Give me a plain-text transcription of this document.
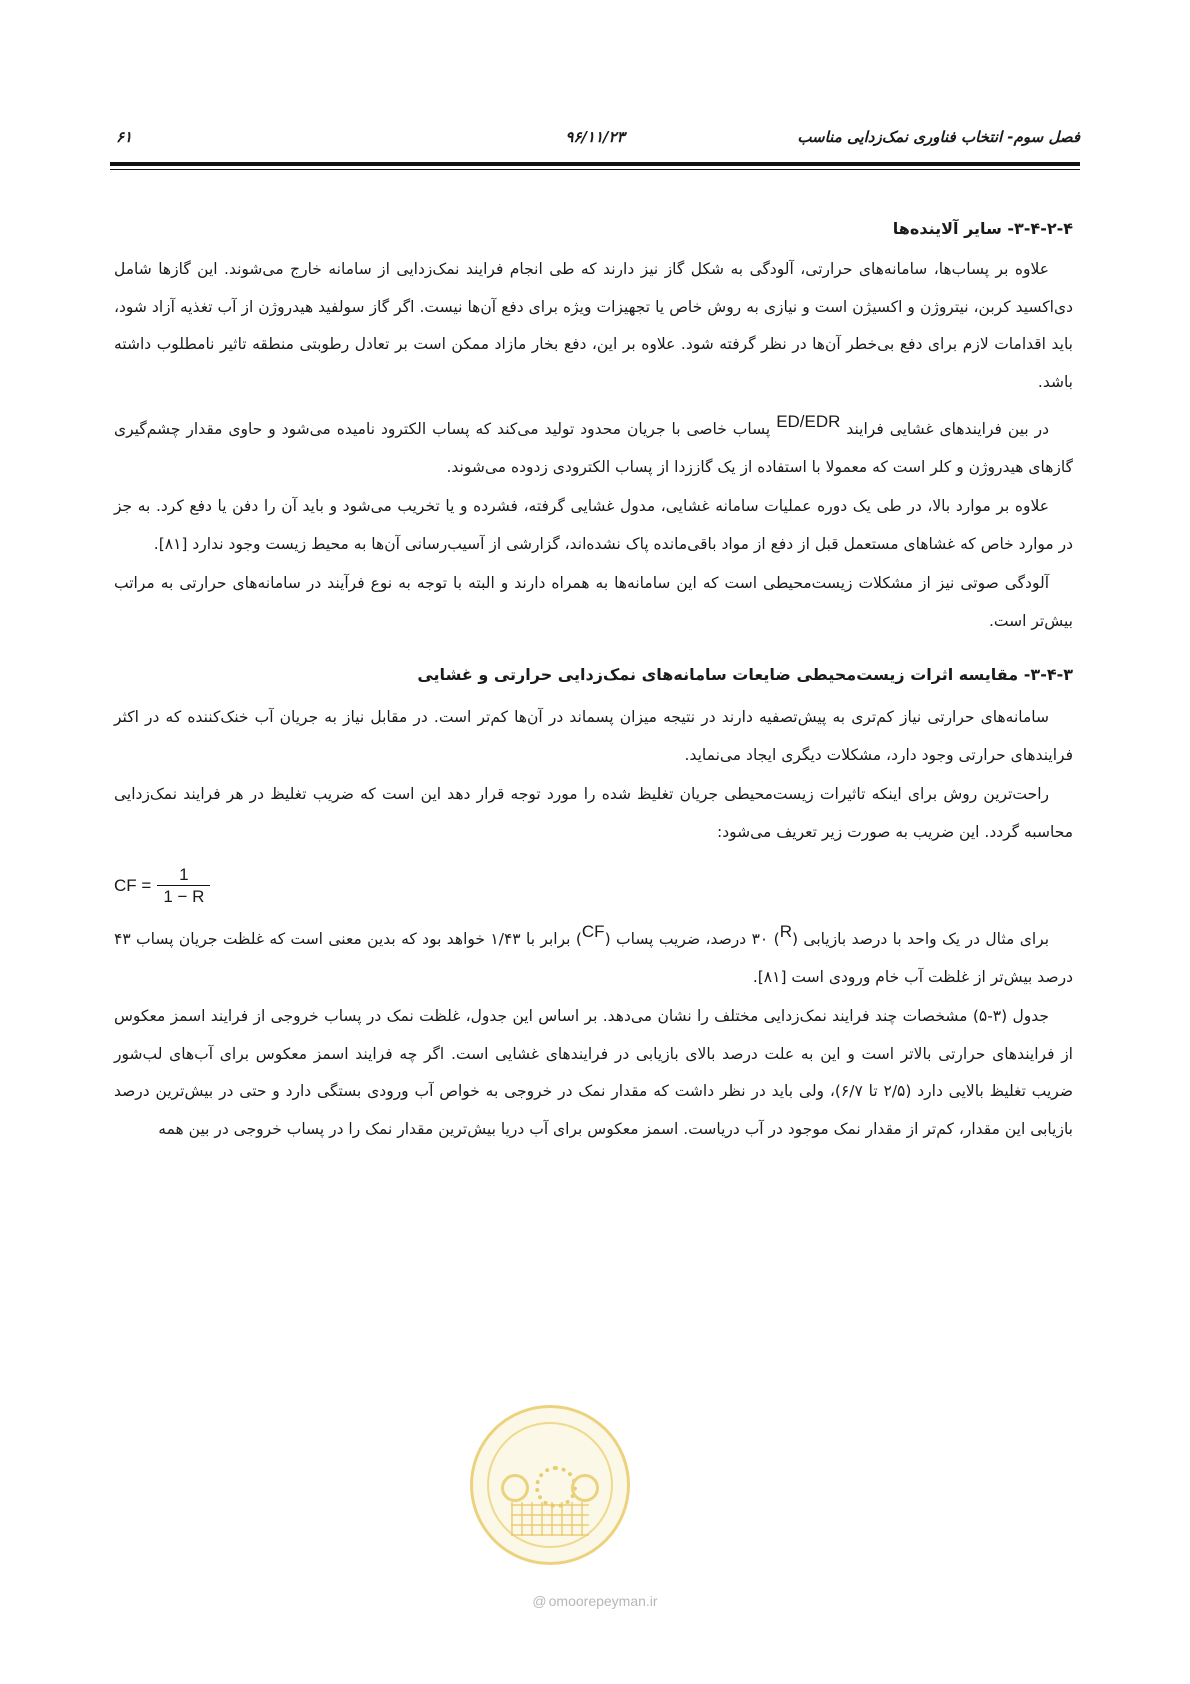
فصل سوم- انتخاب فناوری نمک‌زدایی مناسب
۹۶/۱۱/۲۳
۶۱
۳-۴-۲-۴- سایر آلاینده‌ها

علاوه بر پساب‌ها، سامانه‌های حرارتی، آلودگی به شکل گاز نیز دارند که طی انجام فرایند نمک‌زدایی از سامانه خارج می‌شوند. این گازها شامل دی‌اکسید کربن، نیتروژن و اکسیژن است و نیازی به روش خاص یا تجهیزات ویژه برای دفع آن‌ها نیست. اگر گاز سولفید هیدروژن از آب تغذیه آزاد شود، باید اقدامات لازم برای دفع بی‌خطر آن‌ها در نظر گرفته شود. علاوه بر این، دفع بخار مازاد ممکن است بر تعادل رطوبتی منطقه تاثیر نامطلوب داشته باشد.

در بین فرایندهای غشایی فرایند ED/EDR پساب خاصی با جریان محدود تولید می‌کند که پساب الکترود نامیده می‌شود و حاوی مقدار چشم‌گیری گازهای هیدروژن و کلر است که معمولا با استفاده از یک گاززدا از پساب الکترودی زدوده می‌شوند.

علاوه بر موارد بالا، در طی یک دوره عملیات سامانه غشایی، مدول غشایی گرفته، فشرده و یا تخریب می‌شود و باید آن را دفن یا دفع کرد. به جز در موارد خاص که غشاهای مستعمل قبل از دفع از مواد باقی‌مانده پاک نشده‌اند، گزارشی از آسیب‌رسانی آن‌ها به محیط زیست وجود ندارد [۸۱].

آلودگی صوتی نیز از مشکلات زیست‌محیطی است که این سامانه‌ها به همراه دارند و البته با توجه به نوع فرآیند در سامانه‌های حرارتی به مراتب بیش‌تر است.

۳-۴-۳- مقایسه اثرات زیست‌محیطی ضایعات سامانه‌های نمک‌زدایی حرارتی و غشایی

سامانه‌های حرارتی نیاز کم‌تری به پیش‌تصفیه دارند در نتیجه میزان پسماند در آن‌ها کم‌تر است. در مقابل نیاز به جریان آب خنک‌کننده که در اکثر فرایندهای حرارتی وجود دارد، مشکلات دیگری ایجاد می‌نماید.

راحت‌ترین روش برای اینکه تاثیرات زیست‌محیطی جریان تغلیظ شده را مورد توجه قرار دهد این است که ضریب تغلیظ در هر فرایند نمک‌زدایی محاسبه گردد. این ضریب به صورت زیر تعریف می‌شود:

CF = $\frac{1}{1 - R}$

برای مثال در یک واحد با درصد بازیابی (R) ۳۰ درصد، ضریب پساب (CF) برابر با ۱/۴۳ خواهد بود که بدین معنی است که غلظت جریان پساب ۴۳ درصد بیش‌تر از غلظت آب خام ورودی است [۸۱].

جدول (۳-۵) مشخصات چند فرایند نمک‌زدایی مختلف را نشان می‌دهد. بر اساس این جدول، غلظت نمک در پساب خروجی از فرایند اسمز معکوس از فرایندهای حرارتی بالاتر است و این به علت درصد بالای بازیابی در فرایندهای غشایی است. اگر چه فرایند اسمز معکوس برای آب‌های لب‌شور ضریب تغلیظ بالایی دارد (۲/۵ تا ۶/۷)، ولی باید در نظر داشت که مقدار نمک در خروجی به خواص آب ورودی بستگی دارد و حتی در بیش‌ترین درصد بازیابی این مقدار، کم‌تر از مقدار نمک موجود در آب دریاست. اسمز معکوس برای آب دریا بیش‌ترین مقدار نمک را در پساب خروجی در بین همه

@ omoorepeyman.ir
